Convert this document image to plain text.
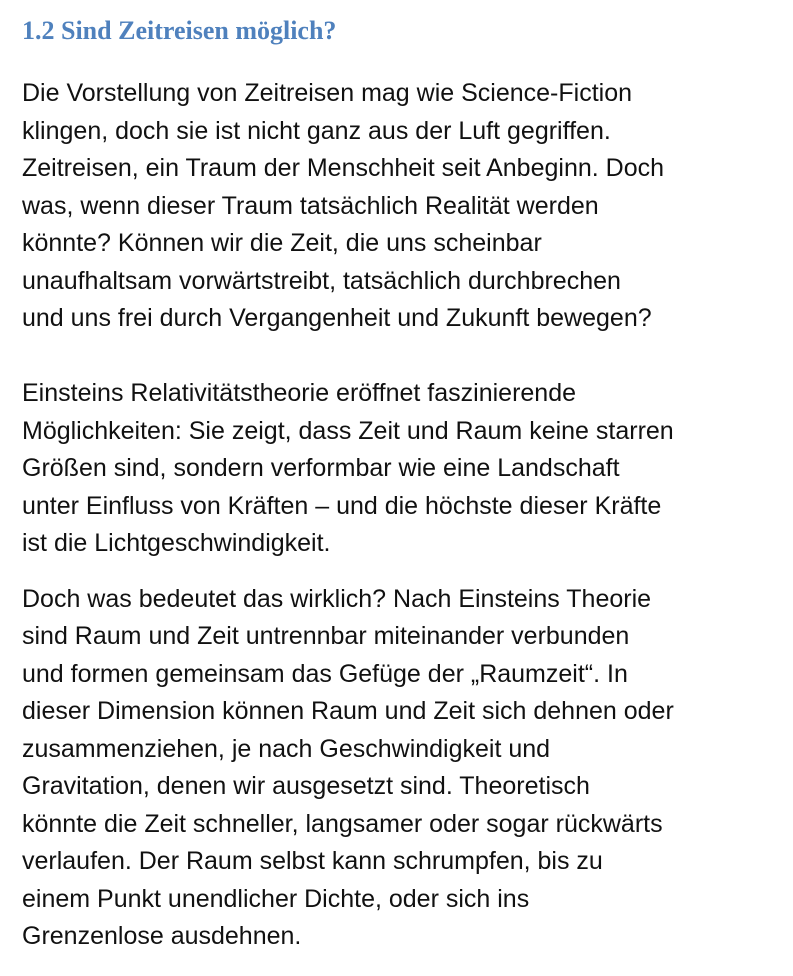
1.2 Sind Zeitreisen möglich?

Die Vorstellung von Zeitreisen mag wie Science-Fiction
klingen, doch sie ist nicht ganz aus der Luft gegriffen.
Zeitreisen, ein Traum der Menschheit seit Anbeginn. Doch
was, wenn dieser Traum tatsächlich Realität werden
könnte? Können wir die Zeit, die uns scheinbar
unaufhaltsam vorwärtstreibt, tatsächlich durchbrechen
und uns frei durch Vergangenheit und Zukunft bewegen?

Einsteins Relativitätstheorie eröffnet faszinierende
Möglichkeiten: Sie zeigt, dass Zeit und Raum keine starren
Größen sind, sondern verformbar wie eine Landschaft
unter Einfluss von Kräften – und die höchste dieser Kräfte
ist die Lichtgeschwindigkeit.

Doch was bedeutet das wirklich? Nach Einsteins Theorie
sind Raum und Zeit untrennbar miteinander verbunden
und formen gemeinsam das Gefüge der „Raumzeit“. In
dieser Dimension können Raum und Zeit sich dehnen oder
zusammenziehen, je nach Geschwindigkeit und
Gravitation, denen wir ausgesetzt sind. Theoretisch
könnte die Zeit schneller, langsamer oder sogar rückwärts
verlaufen. Der Raum selbst kann schrumpfen, bis zu
einem Punkt unendlicher Dichte, oder sich ins
Grenzenlose ausdehnen.
